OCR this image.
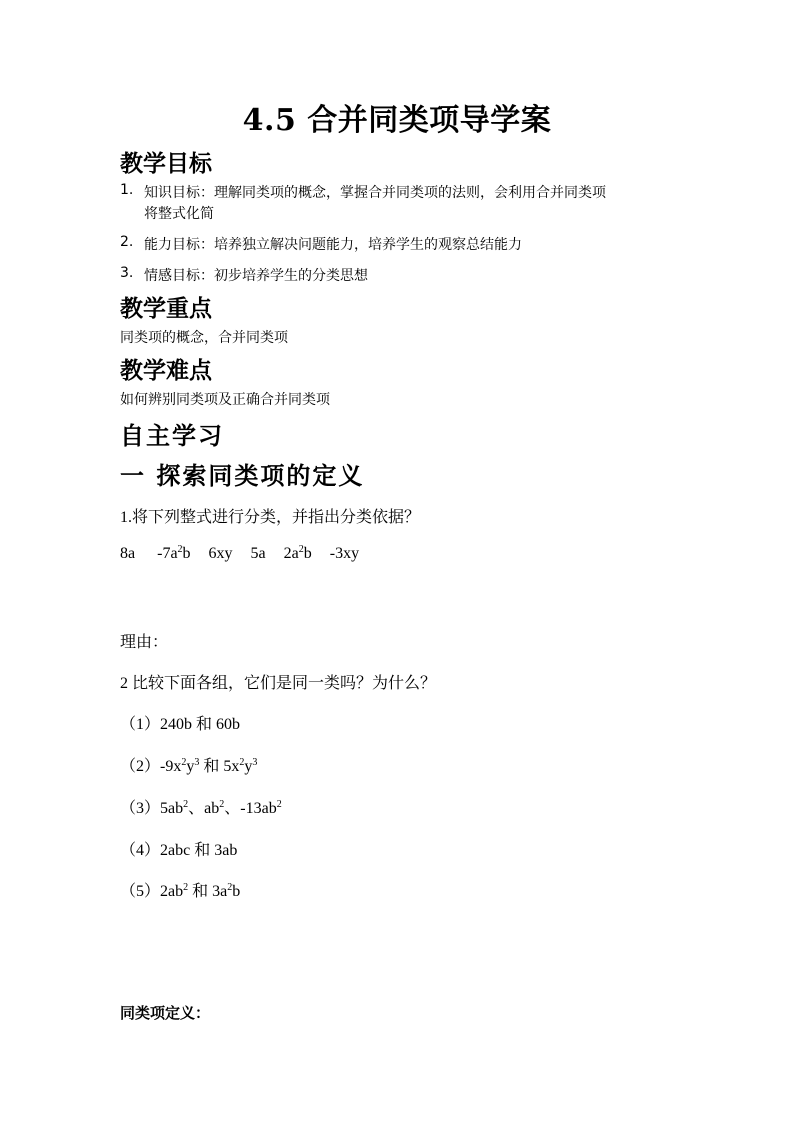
4.5 合并同类项导学案
教学目标
1. 知识目标：理解同类项的概念，掌握合并同类项的法则，会利用合并同类项
将整式化简
2. 能力目标：培养独立解决问题能力，培养学生的观察总结能力
3. 情感目标：初步培养学生的分类思想
教学重点
同类项的概念，合并同类项
教学难点
如何辨别同类项及正确合并同类项
自主学习
一 探索同类项的定义
1.将下列整式进行分类，并指出分类依据？
8a $-7a^2b$ 6xy 5a $2a^2b$ -3xy
理由：
2 比较下面各组，它们是同一类吗？为什么？
（1）240b 和 60b
$(2)-9x^2y^3$ 和 $5x^2y^3$
$(3)5ab^2$、$ab^2$、$-13ab^2$
（4）2abc 和 3ab
$(5)2ab^2$ 和 $3a^2b$
同类项定义：
